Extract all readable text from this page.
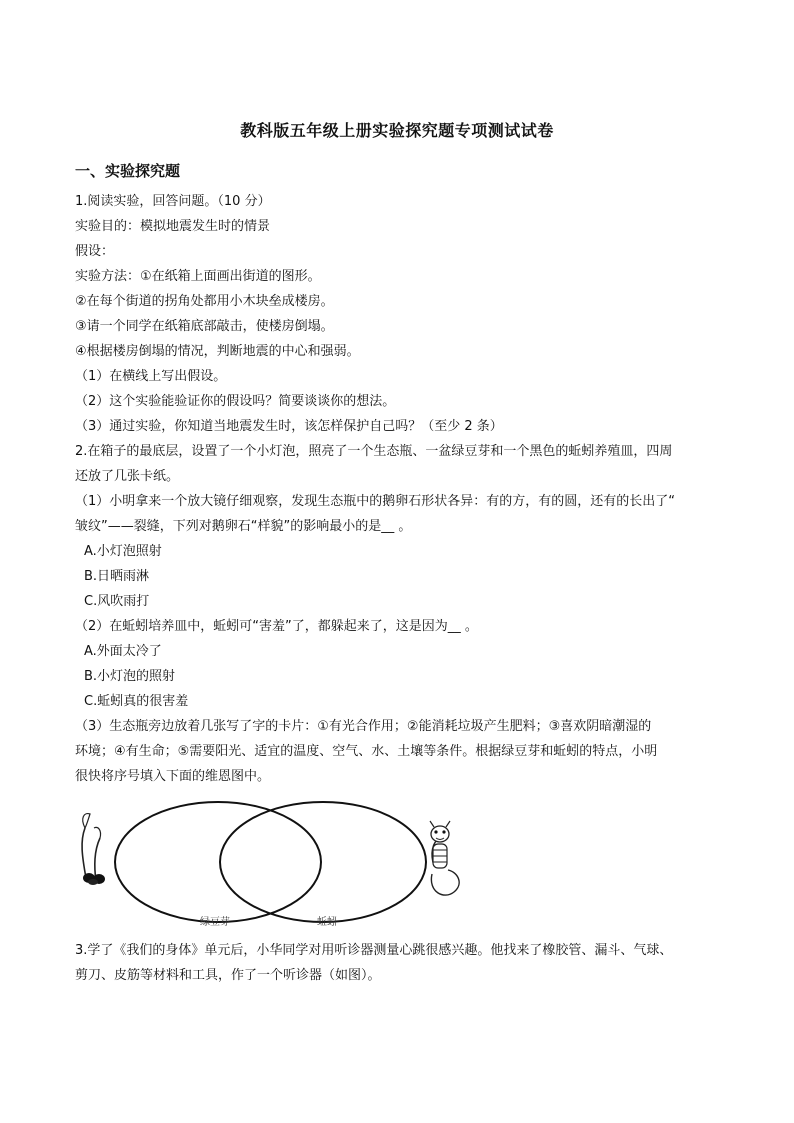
教科版五年级上册实验探究题专项测试试卷
一、实验探究题
1.阅读实验，回答问题。（10 分）
实验目的：模拟地震发生时的情景
假设：
实验方法：①在纸箱上面画出街道的图形。
②在每个街道的拐角处都用小木块垒成楼房。
③请一个同学在纸箱底部敲击，使楼房倒塌。
④根据楼房倒塌的情况，判断地震的中心和强弱。
（1）在横线上写出假设。
（2）这个实验能验证你的假设吗？简要谈谈你的想法。
（3）通过实验，你知道当地震发生时，该怎样保护自己吗？（至少 2 条）
2.在箱子的最底层，设置了一个小灯泡，照亮了一个生态瓶、一盆绿豆芽和一个黑色的蚯蚓养殖皿，四周
还放了几张卡纸。
（1）小明拿来一个放大镜仔细观察，发现生态瓶中的鹅卵石形状各异：有的方，有的圆，还有的长出了“
皱纹”——裂缝，下列对鹅卵石“样貌”的影响最小的是__ 。
A.小灯泡照射
B.日晒雨淋
C.风吹雨打
（2）在蚯蚓培养皿中，蚯蚓可“害羞”了，都躲起来了，这是因为__ 。
A.外面太冷了
B.小灯泡的照射
C.蚯蚓真的很害羞
（3）生态瓶旁边放着几张写了字的卡片：①有光合作用；②能消耗垃圾产生肥料；③喜欢阴暗潮湿的
环境；④有生命；⑤需要阳光、适宜的温度、空气、水、土壤等条件。根据绿豆芽和蚯蚓的特点，小明
很快将序号填入下面的维恩图中。
绿豆芽	蚯蚓
3.学了《我们的身体》单元后，小华同学对用听诊器测量心跳很感兴趣。他找来了橡胶管、漏斗、气球、
剪刀、皮筋等材料和工具，作了一个听诊器（如图）。
